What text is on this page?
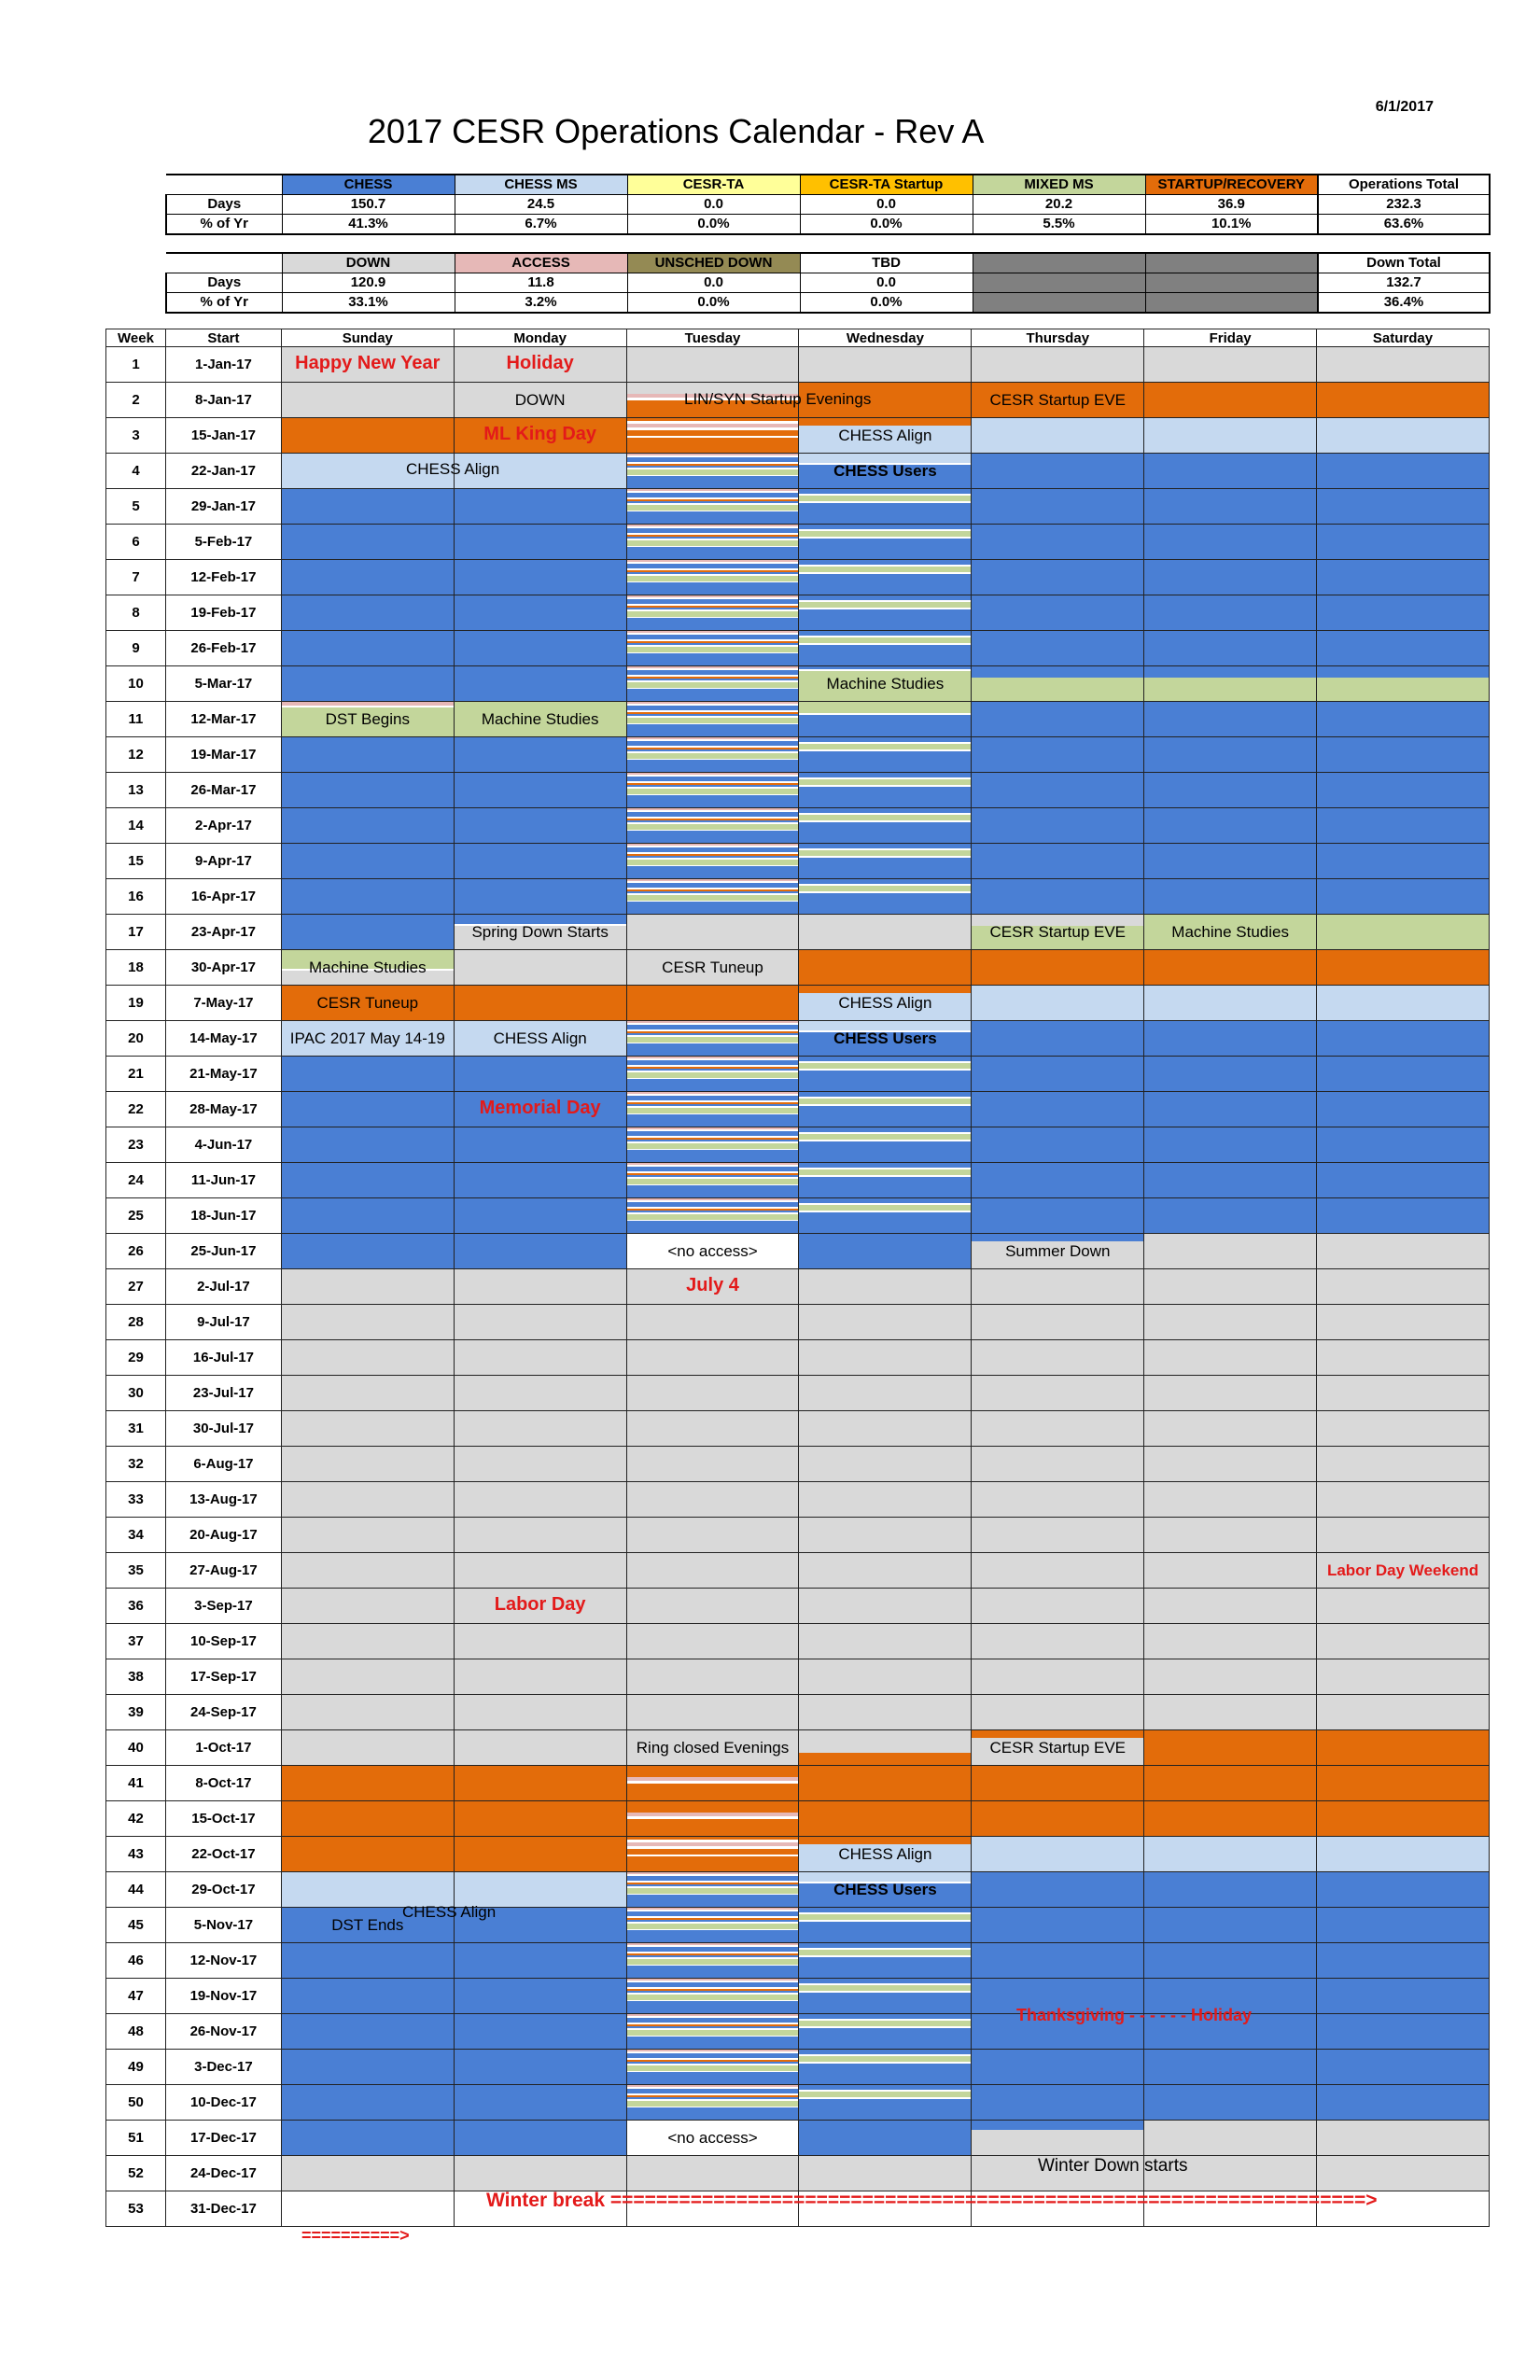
6/1/2017
2017 CESR Operations Calendar - Rev A
	CHESS	CHESS MS	CESR-TA	CESR-TA Startup	MIXED MS	STARTUP/RECOVERY	Operations Total
Days	150.7	24.5	0.0	0.0	20.2	36.9	232.3
% of Yr	41.3%	6.7%	0.0%	0.0%	5.5%	10.1%	63.6%
	DOWN	ACCESS	UNSCHED DOWN	TBD			Down Total
Days	120.9	11.8	0.0	0.0			132.7
% of Yr	33.1%	3.2%	0.0%	0.0%			36.4%
Week	Start	Sunday	Monday	Tuesday	Wednesday	Thursday	Friday	Saturday
1	1-Jan-17	Happy New Year	Holiday					

2	8-Jan-17		DOWN			CESR Startup EVE		

3	15-Jan-17		ML King Day		CHESS Align			

4	22-Jan-17				CHESS Users			

5	29-Jan-17	

6	5-Feb-17	

7	12-Feb-17	

8	19-Feb-17	

9	26-Feb-17	

10	5-Mar-17				Machine Studies			

11	12-Mar-17	DST Begins	Machine Studies					

12	19-Mar-17	

13	26-Mar-17	

14	2-Apr-17	

15	9-Apr-17	

16	16-Apr-17	

17	23-Apr-17		Spring Down Starts			CESR Startup EVE	Machine Studies	

18	30-Apr-17	Machine Studies		CESR Tuneup				

19	7-May-17	CESR Tuneup			CHESS Align			

20	14-May-17	IPAC 2017 May 14-19	CHESS Align		CHESS Users			

21	21-May-17	

22	28-May-17		Memorial Day					

23	4-Jun-17	

24	11-Jun-17	

25	18-Jun-17	

26	25-Jun-17			<no access>		Summer Down		

27	2-Jul-17			July 4				

28	9-Jul-17	

29	16-Jul-17	

30	23-Jul-17	

31	30-Jul-17	

32	6-Aug-17	

33	13-Aug-17	

34	20-Aug-17	

35	27-Aug-17							Labor Day Weekend

36	3-Sep-17		Labor Day					

37	10-Sep-17	

38	17-Sep-17	

39	24-Sep-17	

40	1-Oct-17			Ring closed Evenings		CESR Startup EVE		

41	8-Oct-17	

42	15-Oct-17	

43	22-Oct-17				CHESS Align			

44	29-Oct-17				CHESS Users			

45	5-Nov-17	DST Ends						

46	12-Nov-17	

47	19-Nov-17	

48	26-Nov-17	

49	3-Dec-17	

50	10-Dec-17	

51	17-Dec-17			<no access>				

52	24-Dec-17	

53	31-Dec-17	

LIN/SYN Startup Evenings
CHESS Align
CHESS Align
Thanksgiving - - - - - - Holiday
Winter Down starts
Winter break ==================================================================>
==========>
